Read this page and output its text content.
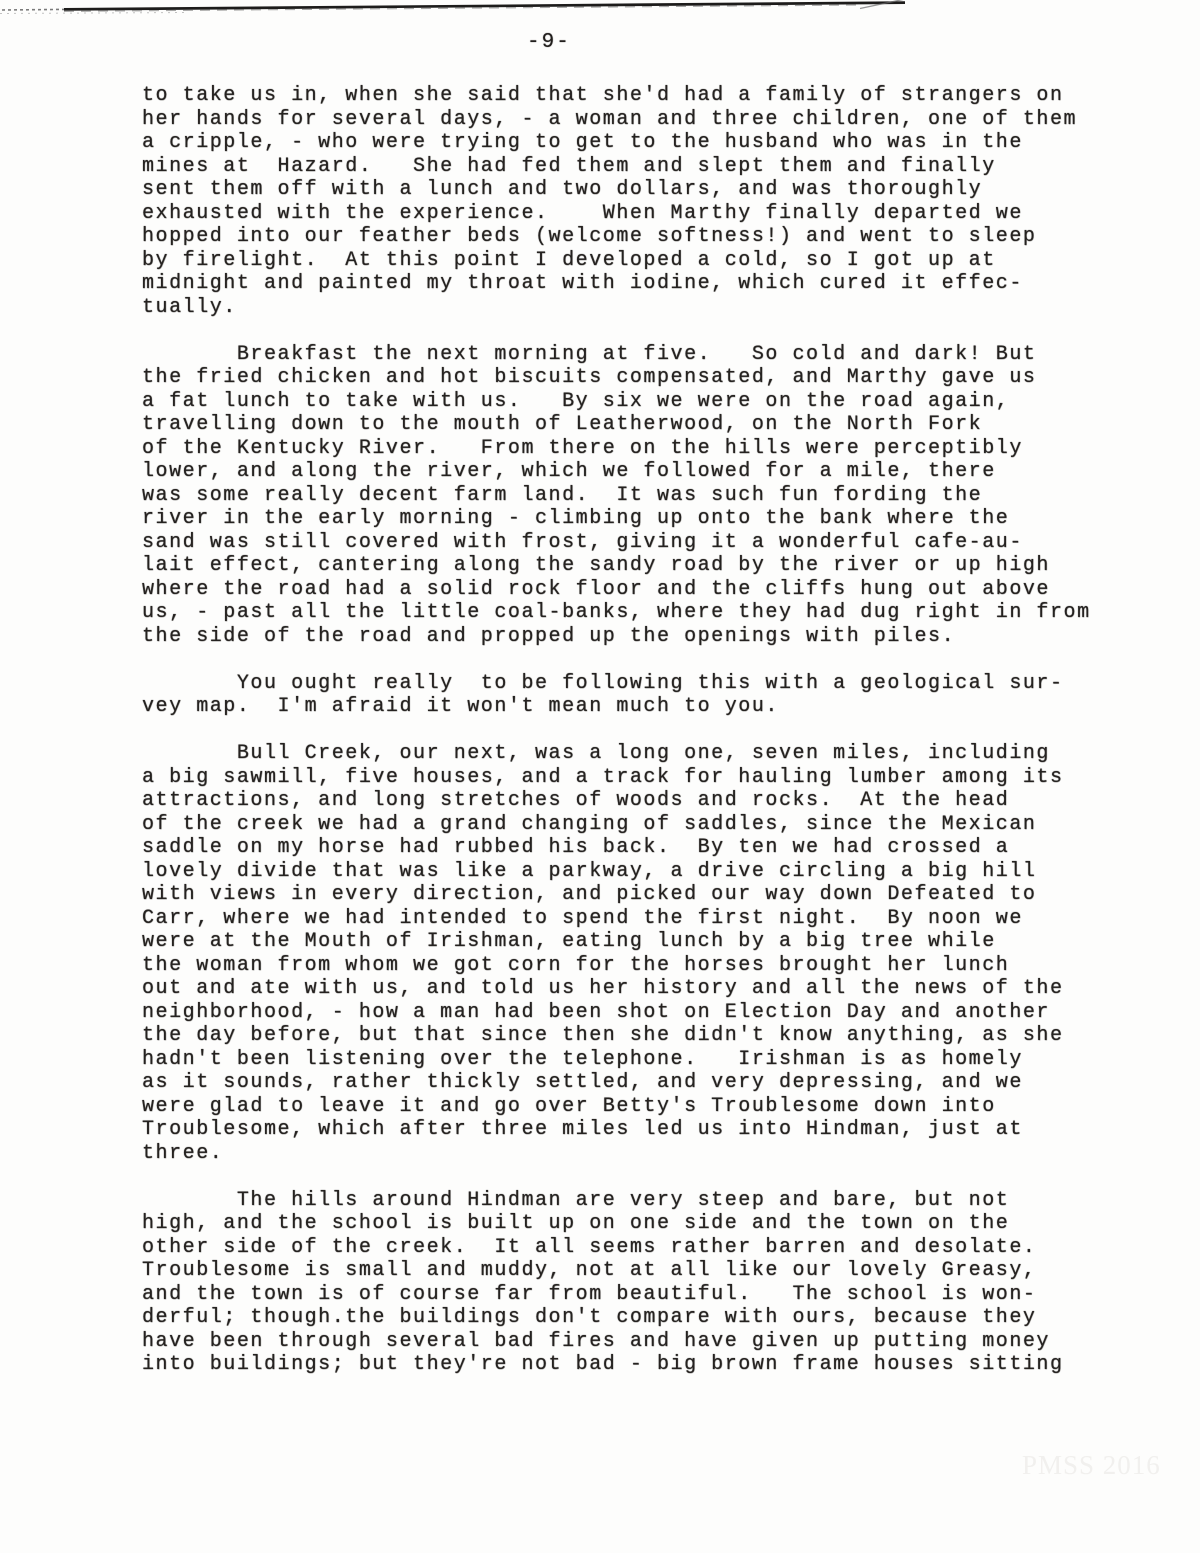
-9-
to take us in, when she said that she'd had a family of strangers on
her hands for several days, - a woman and three children, one of them
a cripple, - who were trying to get to the husband who was in the
mines at  Hazard.   She had fed them and slept them and finally
sent them off with a lunch and two dollars, and was thoroughly
exhausted with the experience.    When Marthy finally departed we
hopped into our feather beds (welcome softness!) and went to sleep
by firelight.  At this point I developed a cold, so I got up at
midnight and painted my throat with iodine, which cured it effec-
tually.
Breakfast the next morning at five.   So cold and dark! But
the fried chicken and hot biscuits compensated, and Marthy gave us
a fat lunch to take with us.   By six we were on the road again,
travelling down to the mouth of Leatherwood, on the North Fork
of the Kentucky River.   From there on the hills were perceptibly
lower, and along the river, which we followed for a mile, there
was some really decent farm land.  It was such fun fording the
river in the early morning - climbing up onto the bank where the
sand was still covered with frost, giving it a wonderful cafe-au-
lait effect, cantering along the sandy road by the river or up high
where the road had a solid rock floor and the cliffs hung out above
us, - past all the little coal-banks, where they had dug right in from
the side of the road and propped up the openings with piles.
You ought really  to be following this with a geological sur-
vey map.  I'm afraid it won't mean much to you.
Bull Creek, our next, was a long one, seven miles, including
a big sawmill, five houses, and a track for hauling lumber among its
attractions, and long stretches of woods and rocks.  At the head
of the creek we had a grand changing of saddles, since the Mexican
saddle on my horse had rubbed his back.  By ten we had crossed a
lovely divide that was like a parkway, a drive circling a big hill
with views in every direction, and picked our way down Defeated to
Carr, where we had intended to spend the first night.  By noon we
were at the Mouth of Irishman, eating lunch by a big tree while
the woman from whom we got corn for the horses brought her lunch
out and ate with us, and told us her history and all the news of the
neighborhood, - how a man had been shot on Election Day and another
the day before, but that since then she didn't know anything, as she
hadn't been listening over the telephone.   Irishman is as homely
as it sounds, rather thickly settled, and very depressing, and we
were glad to leave it and go over Betty's Troublesome down into
Troublesome, which after three miles led us into Hindman, just at
three.
The hills around Hindman are very steep and bare, but not
high, and the school is built up on one side and the town on the
other side of the creek.  It all seems rather barren and desolate.
Troublesome is small and muddy, not at all like our lovely Greasy,
and the town is of course far from beautiful.   The school is won-
derful; though.the buildings don't compare with ours, because they
have been through several bad fires and have given up putting money
into buildings; but they're not bad - big brown frame houses sitting
PMSS 2016
